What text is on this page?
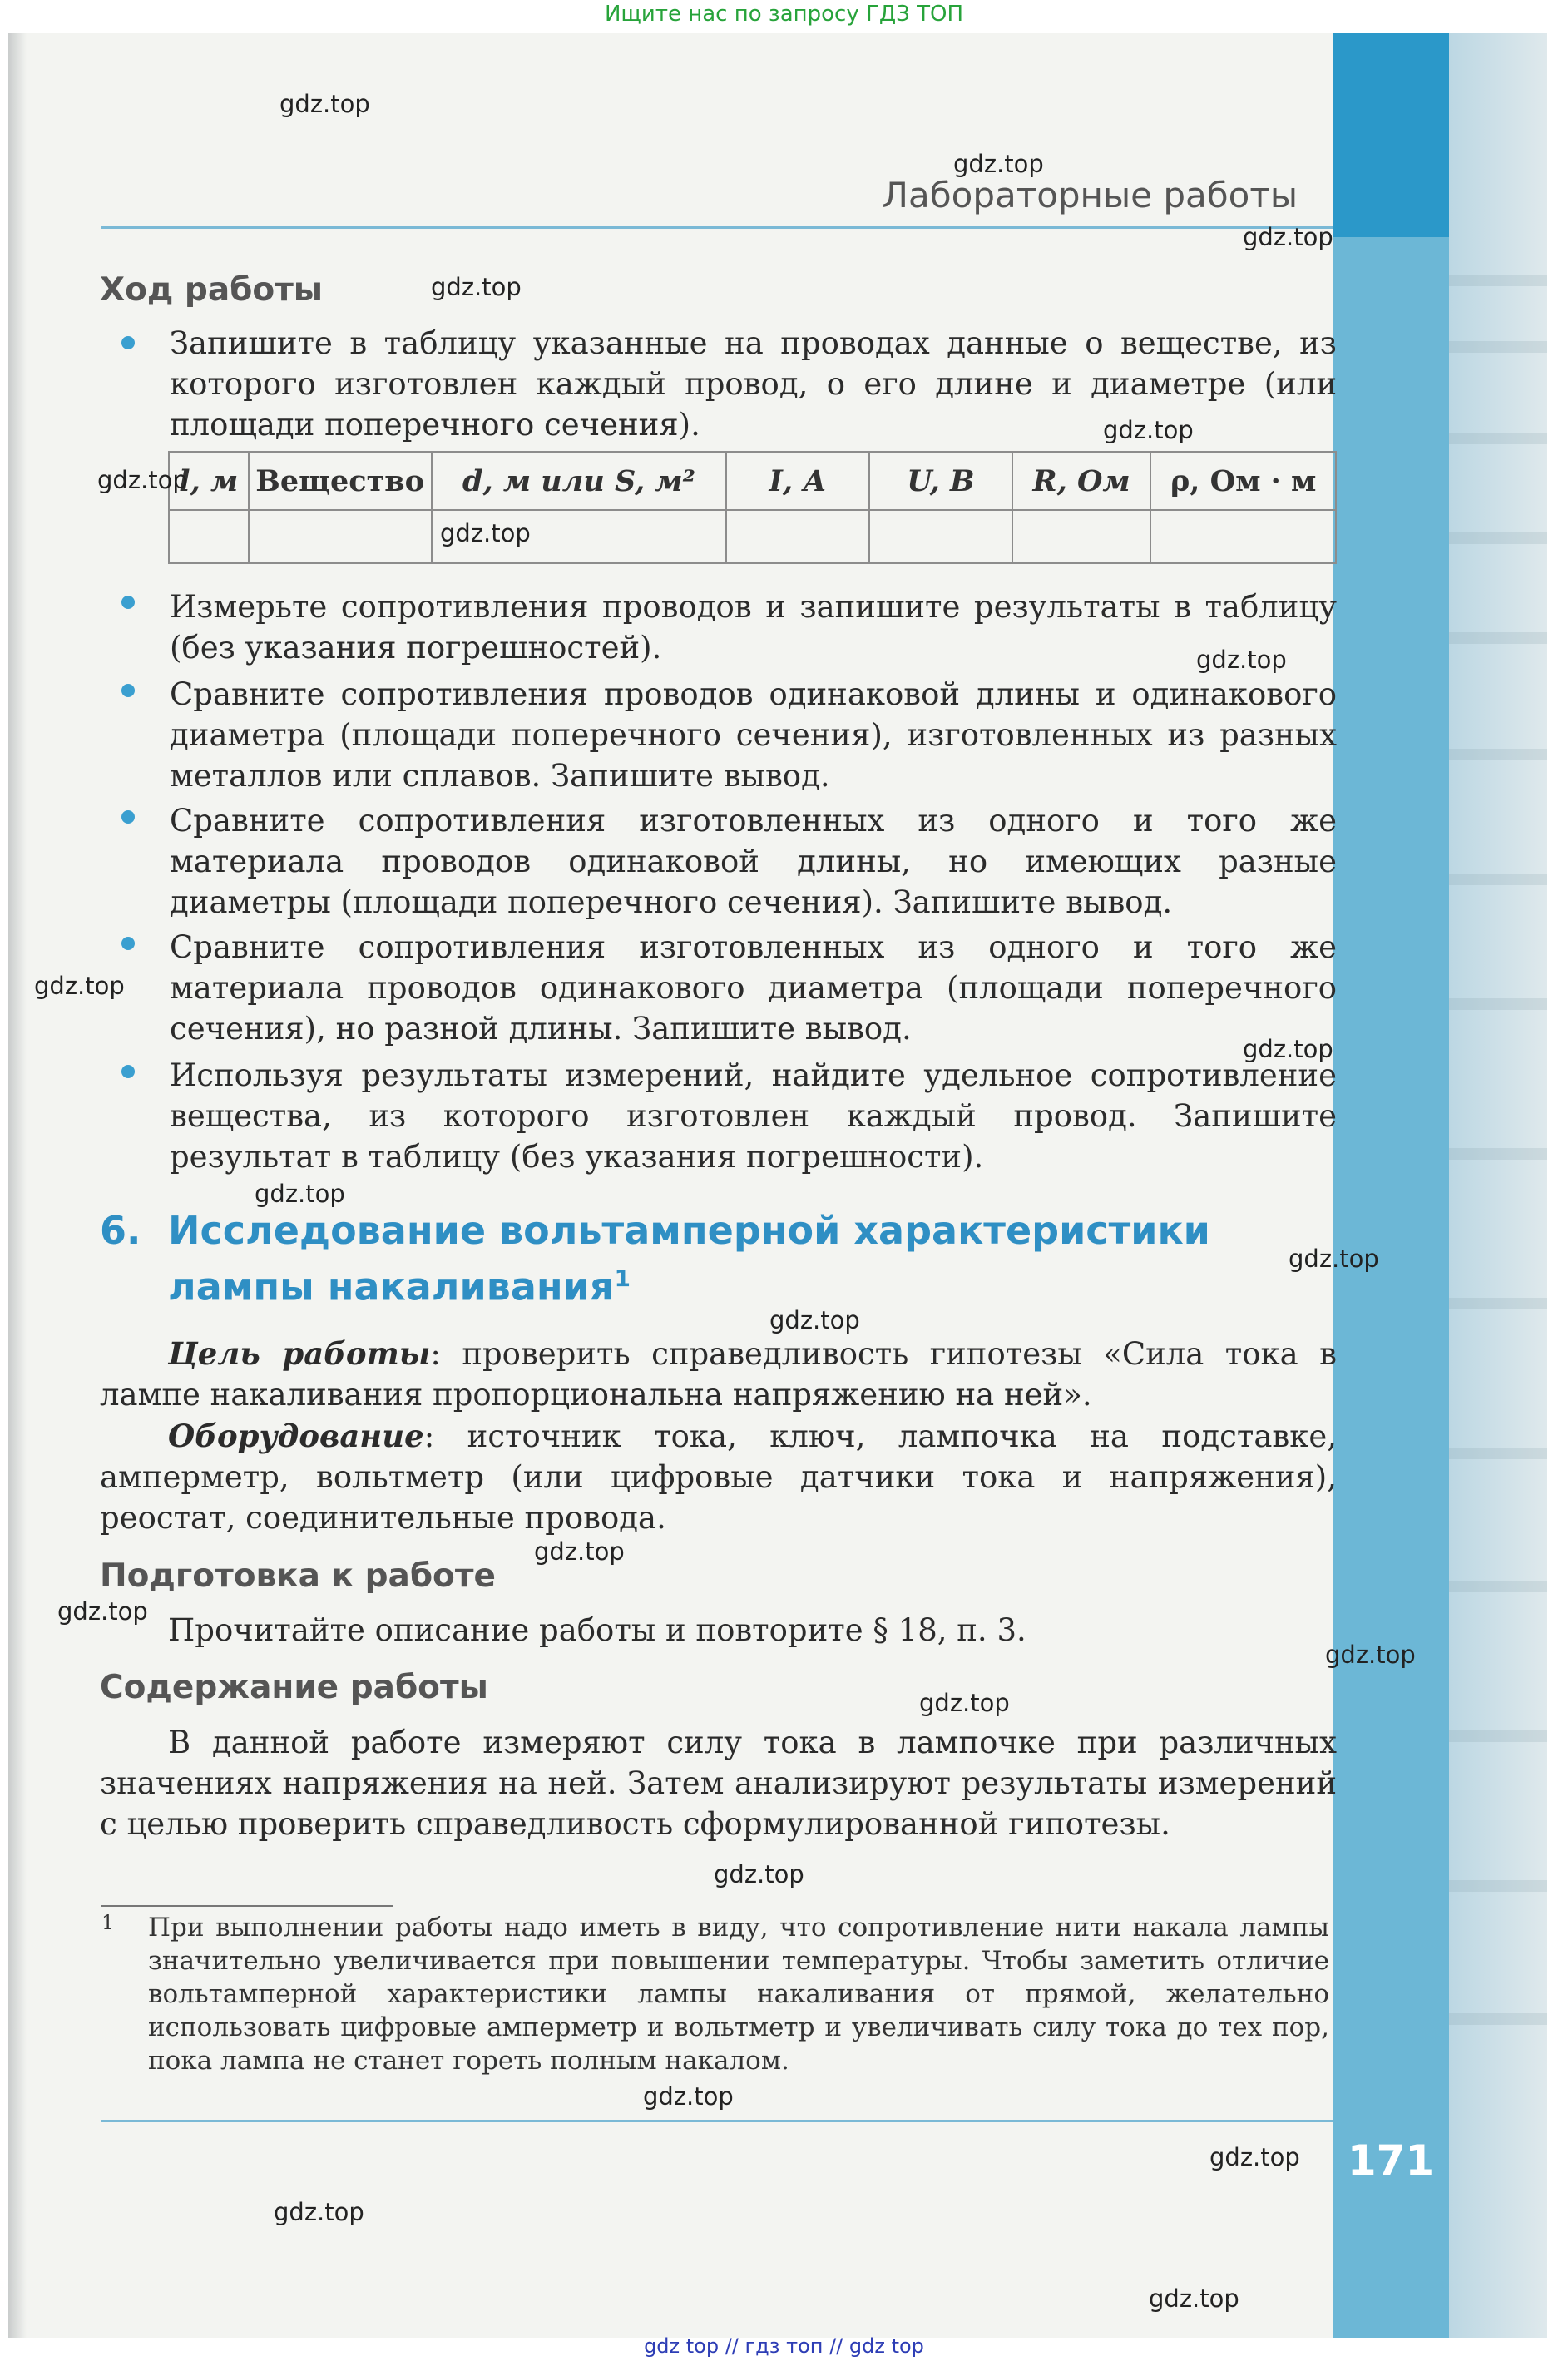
Ищите нас по запросу ГДЗ ТОП
Лабораторные работы
Ход работы

Запишите в таблицу указанные на проводах данные о веществе, из которого изготовлен каждый провод, о его длине и диаметре (или площади поперечного сечения).

l, м	Вещество	d, м или S, м²	I, А	U, В	R, Ом	ρ, Ом · м

Измерьте сопротивления проводов и запишите результаты в таблицу (без указания погрешностей).

Сравните сопротивления проводов одинаковой длины и одинакового диаметра (площади поперечного сечения), изготовленных из разных металлов или сплавов. Запишите вывод.

Сравните сопротивления изготовленных из одного и того же материала проводов одинаковой длины, но имеющих разные диаметры (площади поперечного сечения). Запишите вывод.

Сравните сопротивления изготовленных из одного и того же материала проводов одинакового диаметра (площади поперечного сечения), но разной длины. Запишите вывод.

Используя результаты измерений, найдите удельное сопротивление вещества, из которого изготовлен каждый провод. Запишите результат в таблицу (без указания погрешности).

6. Исследование вольтамперной характеристики
лампы накаливания$^1$

Цель работы: проверить справедливость гипотезы «Сила тока в лампе накаливания пропорциональна напряжению на ней».

Оборудование: источник тока, ключ, лампочка на подставке, амперметр, вольтметр (или цифровые датчики тока и напряжения), реостат, соединительные провода.

Подготовка к работе

Прочитайте описание работы и повторите § 18, п. 3.

Содержание работы

В данной работе измеряют силу тока в лампочке при различных значениях напряжения на ней. Затем анализируют результаты измерений с целью проверить справедливость сформулированной гипотезы.

1 При выполнении работы надо иметь в виду, что сопротивление нити накала лампы значительно увеличивается при повышении температуры. Чтобы заметить отличие вольтамперной характеристики лампы накаливания от прямой, желательно использовать цифровые амперметр и вольтметр и увеличивать силу тока до тех пор, пока лампа не станет гореть полным накалом.

171
gdz.top
gdz.top
gdz.top
gdz.top
gdz.top
gdz.top
gdz.top
gdz.top
gdz.top
gdz.top
gdz.top
gdz.top
gdz.top
gdz.top
gdz.top
gdz.top
gdz.top
gdz.top
gdz.top
gdz.top
gdz.top
gdz.top
gdz top // гдз топ // gdz top
